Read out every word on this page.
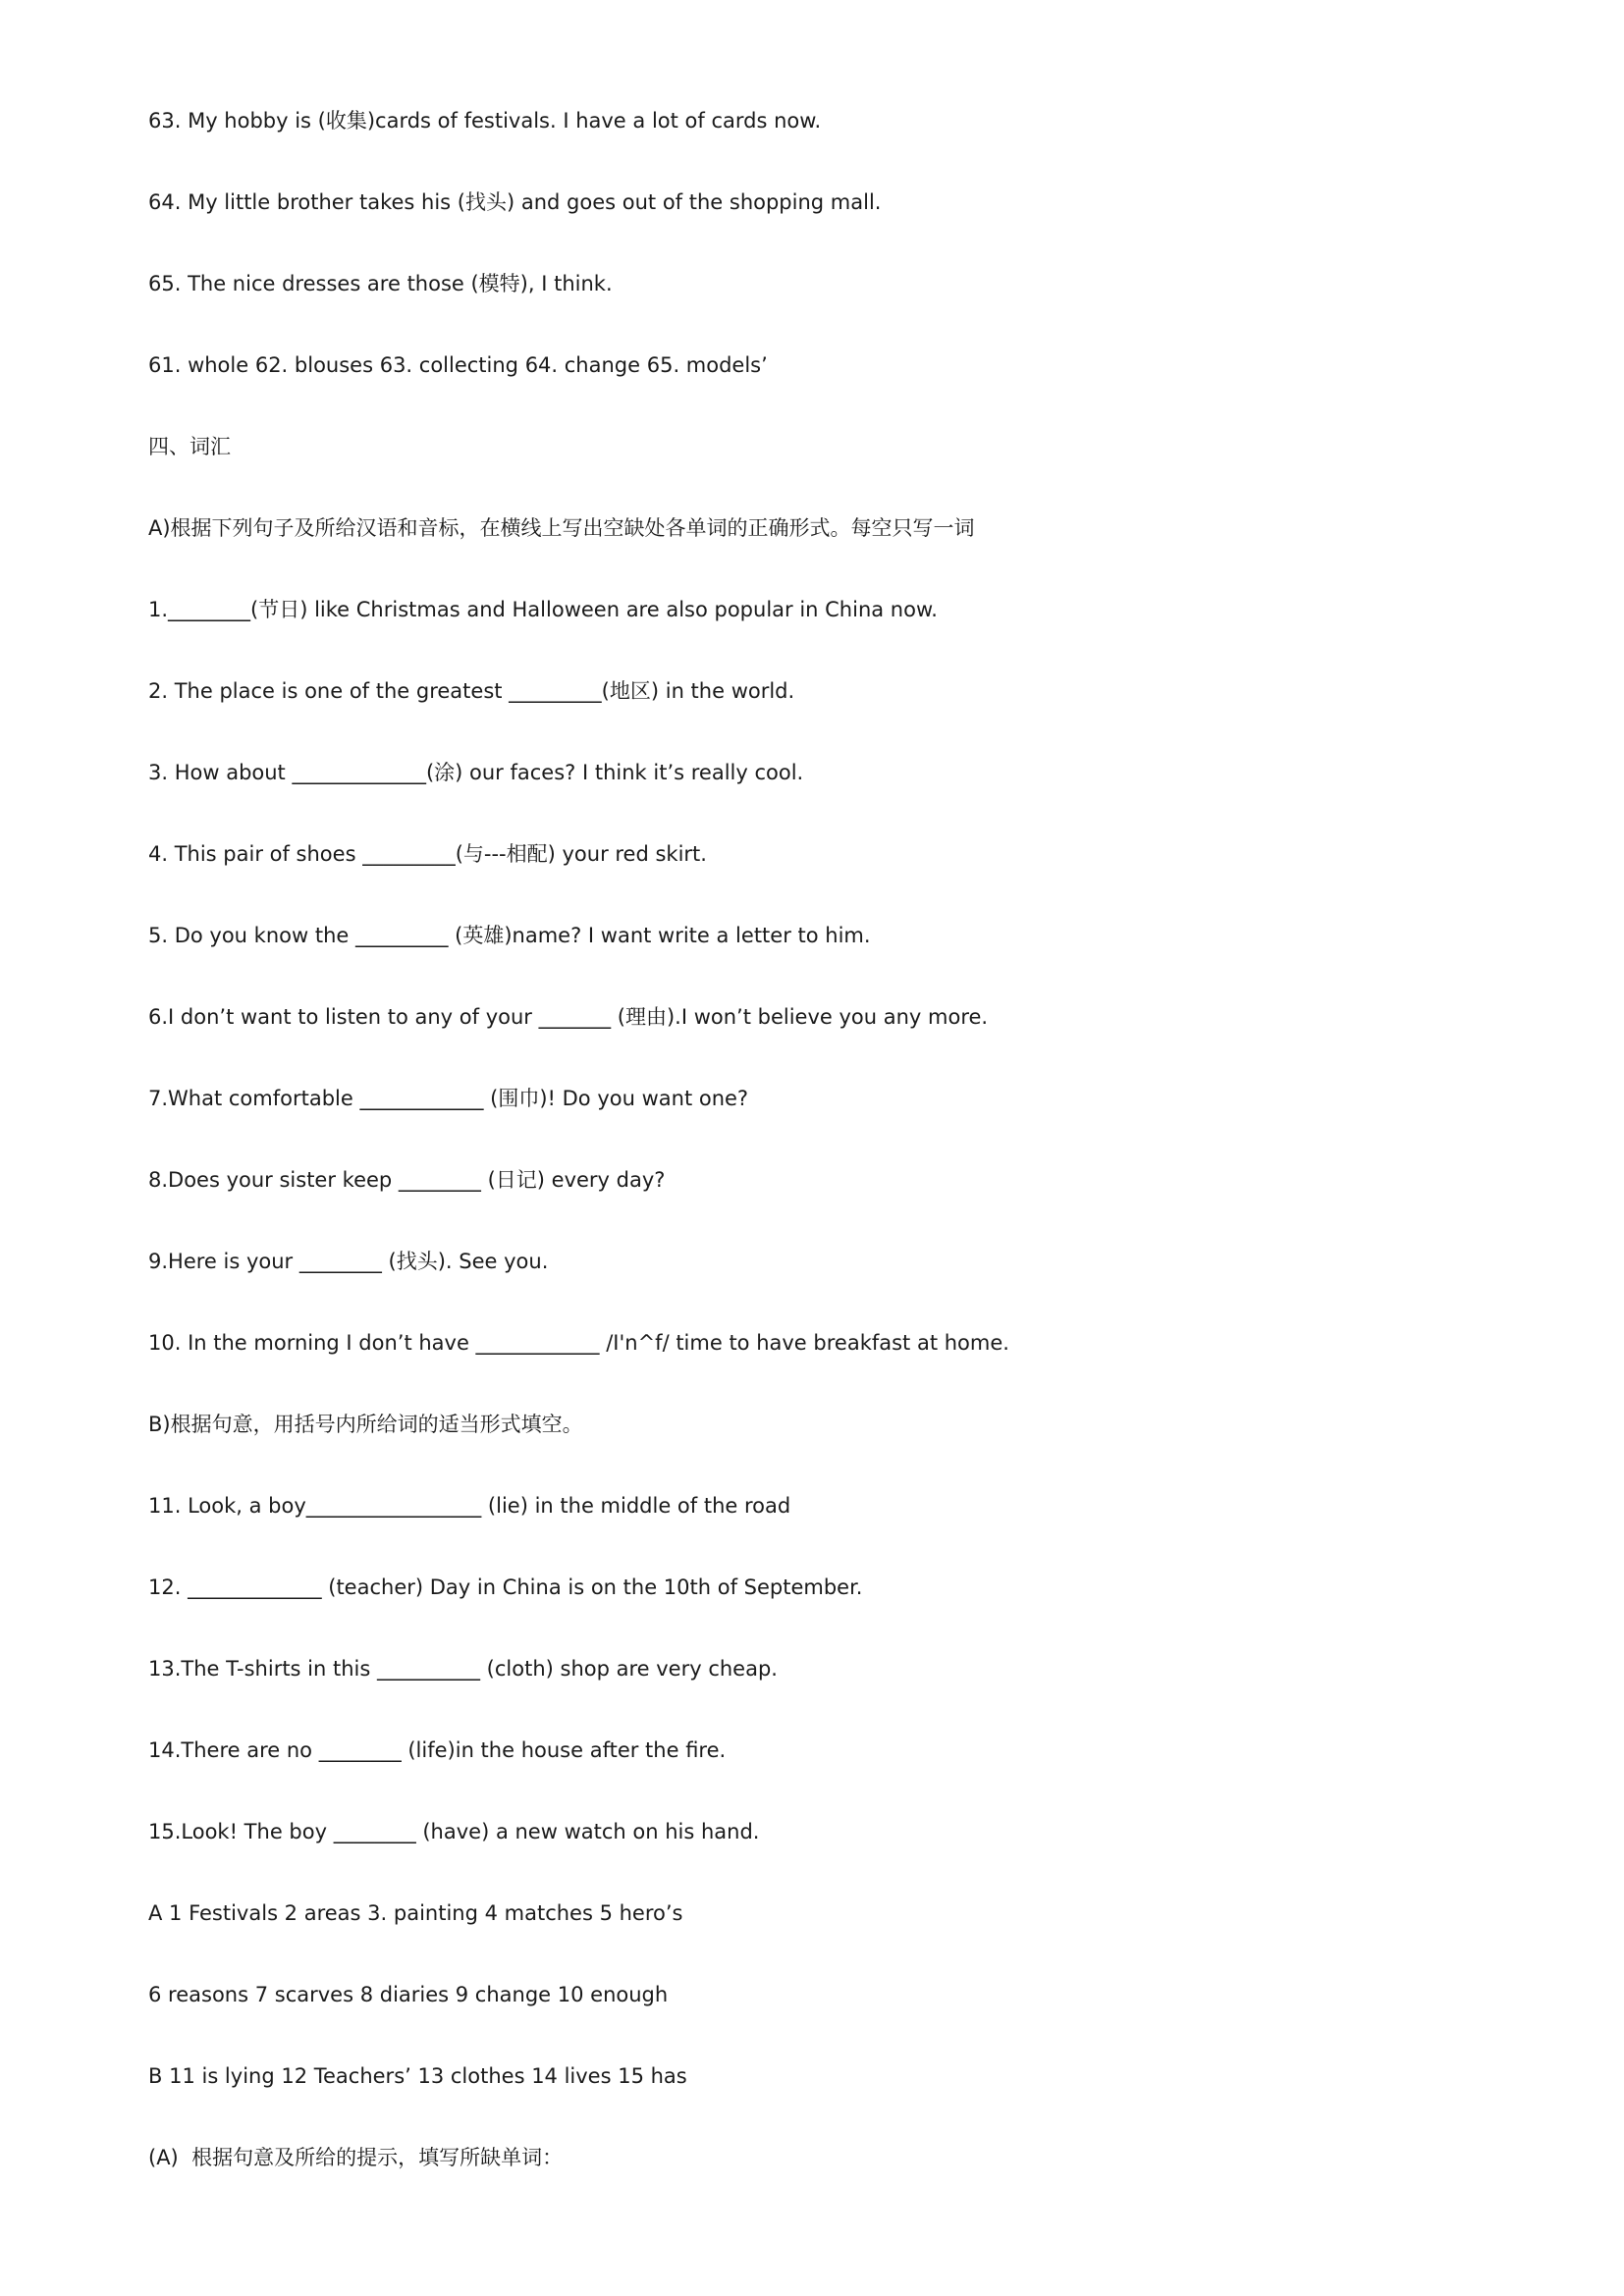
63. My hobby is (收集)cards of festivals. I have a lot of cards now.
64. My little brother takes his (找头) and goes out of the shopping mall.
65. The nice dresses are those (模特), I think.
61. whole 62. blouses 63. collecting 64. change 65. models’
四、词汇
A)根据下列句子及所给汉语和音标，在横线上写出空缺处各单词的正确形式。每空只写一词
1.________(节日) like Christmas and Halloween are also popular in China now.
2. The place is one of the greatest _________(地区) in the world.
3. How about _____________(涂) our faces? I think it’s really cool.
4. This pair of shoes _________(与---相配) your red skirt.
5. Do you know the _________ (英雄)name? I want write a letter to him.
6.I don’t want to listen to any of your _______ (理由).I won’t believe you any more.
7.What comfortable ____________ (围巾)! Do you want one?
8.Does your sister keep ________ (日记) every day?
9.Here is your ________ (找头). See you.
10. In the morning I don’t have ____________ /I'n^f/ time to have breakfast at home.
B)根据句意，用括号内所给词的适当形式填空。
11. Look, a boy_________________ (lie) in the middle of the road
12. _____________ (teacher) Day in China is on the 10th of September.
13.The T-shirts in this __________ (cloth) shop are very cheap.
14.There are no ________ (life)in the house after the fire.
15.Look! The boy ________ (have) a new watch on his hand.
A 1 Festivals 2 areas 3. painting 4 matches 5 hero’s
6 reasons 7 scarves 8 diaries 9 change 10 enough
B 11 is lying 12 Teachers’ 13 clothes 14 lives 15 has
(A)  根据句意及所给的提示，填写所缺单词：
